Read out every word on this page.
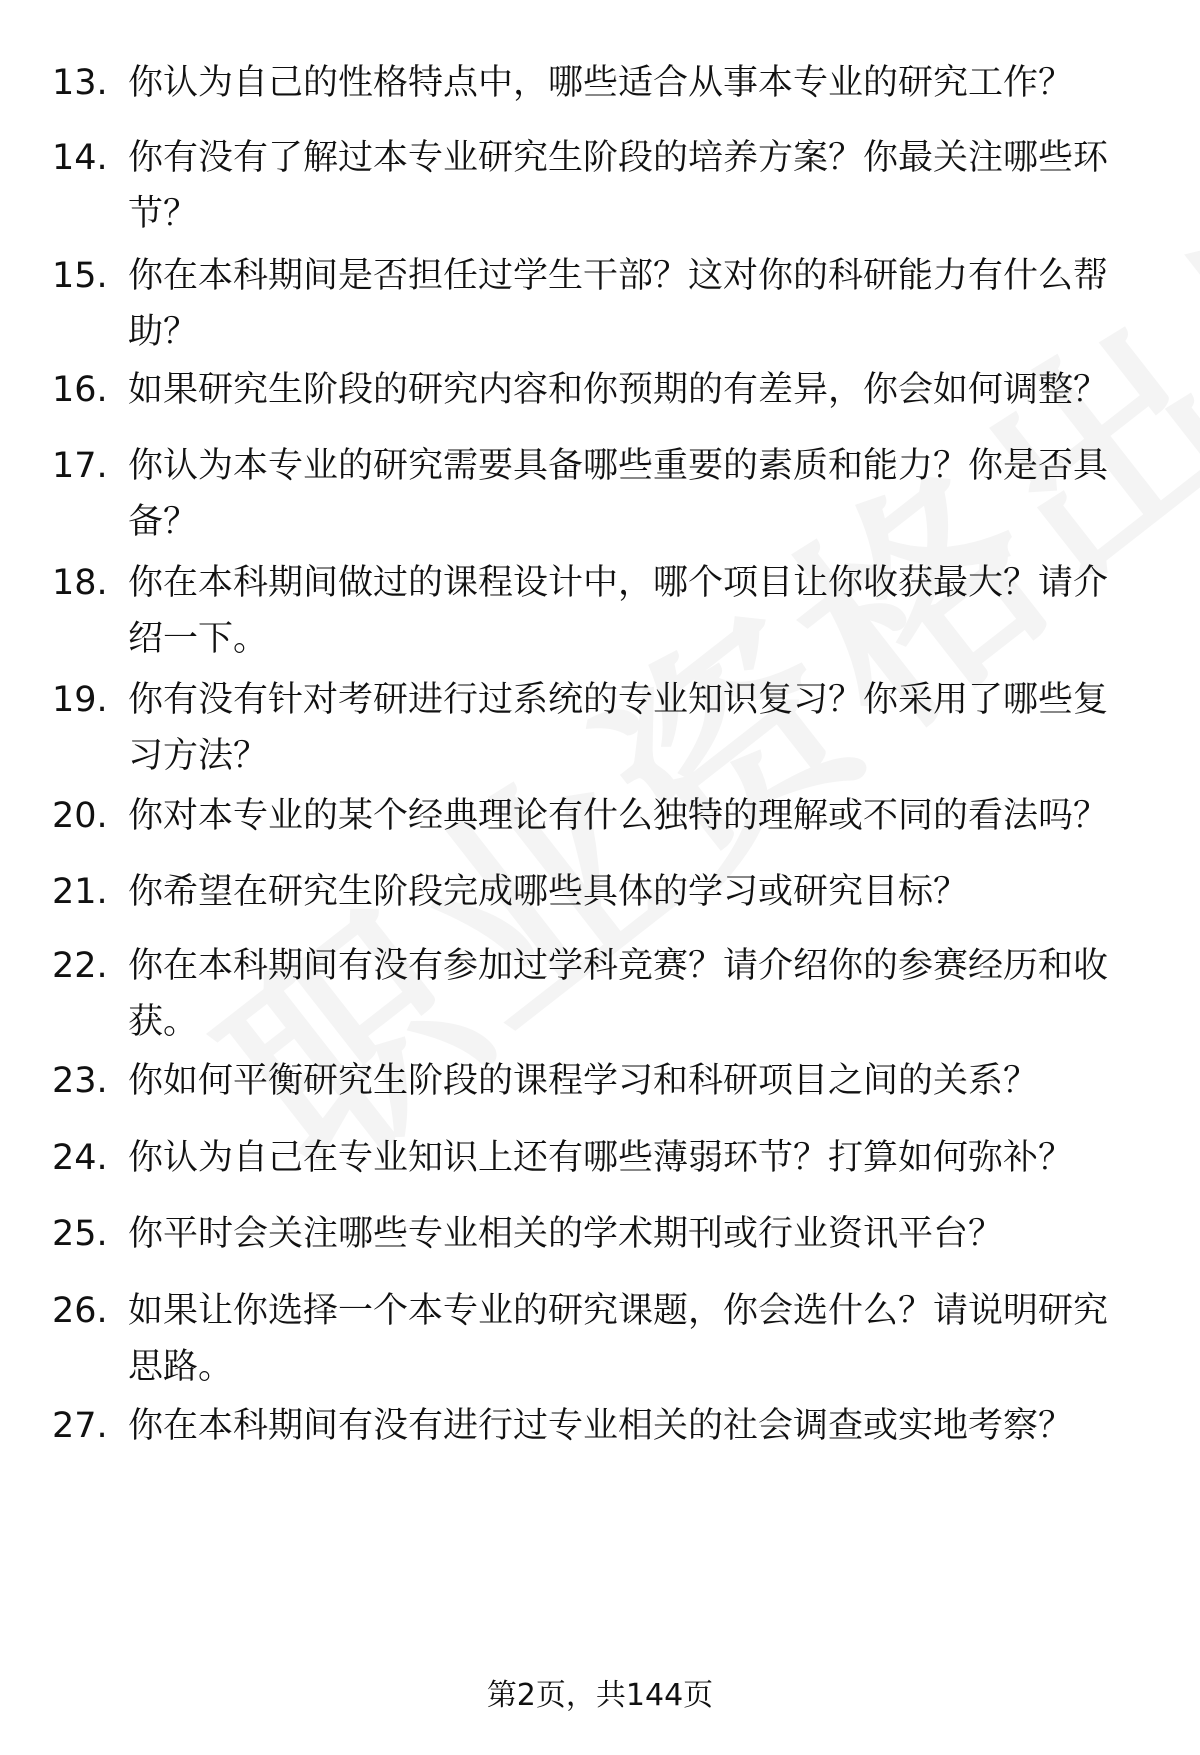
13. 你认为自己的性格特点中，哪些适合从事本专业的研究工作？
14. 你有没有了解过本专业研究生阶段的培养方案？你最关注哪些环节？
15. 你在本科期间是否担任过学生干部？这对你的科研能力有什么帮助？
16. 如果研究生阶段的研究内容和你预期的有差异，你会如何调整？
17. 你认为本专业的研究需要具备哪些重要的素质和能力？你是否具备？
18. 你在本科期间做过的课程设计中，哪个项目让你收获最大？请介绍一下。
19. 你有没有针对考研进行过系统的专业知识复习？你采用了哪些复习方法？
20. 你对本专业的某个经典理论有什么独特的理解或不同的看法吗？
21. 你希望在研究生阶段完成哪些具体的学习或研究目标？
22. 你在本科期间有没有参加过学科竞赛？请介绍你的参赛经历和收获。
23. 你如何平衡研究生阶段的课程学习和科研项目之间的关系？
24. 你认为自己在专业知识上还有哪些薄弱环节？打算如何弥补？
25. 你平时会关注哪些专业相关的学术期刊或行业资讯平台？
26. 如果让你选择一个本专业的研究课题，你会选什么？请说明研究思路。
27. 你在本科期间有没有进行过专业相关的社会调查或实地考察？
第2页，共144页
